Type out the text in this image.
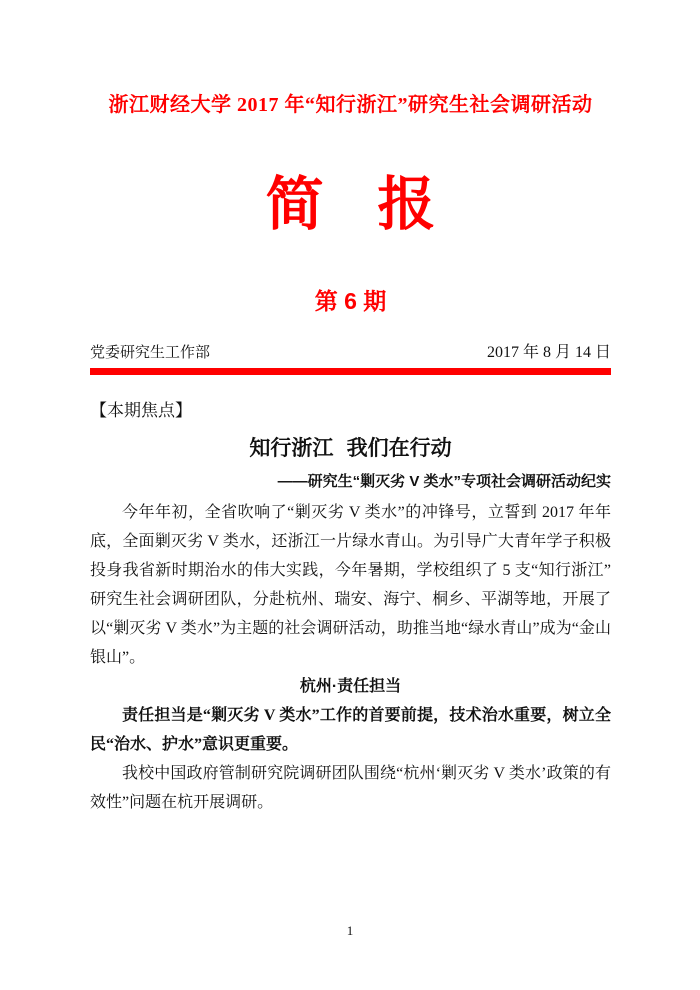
浙江财经大学 2017 年“知行浙江”研究生社会调研活动
简 报
第 6 期
党委研究生工作部	2017 年 8 月 14 日
【本期焦点】
知行浙江 我们在行动
——研究生“剿灭劣 V 类水”专项社会调研活动纪实

今年年初，全省吹响了“剿灭劣 V 类水”的冲锋号，立誓到 2017 年年底，全面剿灭劣 V 类水，还浙江一片绿水青山。为引导广大青年学子积极投身我省新时期治水的伟大实践，今年暑期，学校组织了 5 支“知行浙江”研究生社会调研团队，分赴杭州、瑞安、海宁、桐乡、平湖等地，开展了以“剿灭劣 V 类水”为主题的社会调研活动，助推当地“绿水青山”成为“金山银山”。

杭州·责任担当

责任担当是“剿灭劣 V 类水”工作的首要前提，技术治水重要，树立全民“治水、护水”意识更重要。

我校中国政府管制研究院调研团队围绕“杭州‘剿灭劣 V 类水’政策的有效性”问题在杭开展调研。

1
